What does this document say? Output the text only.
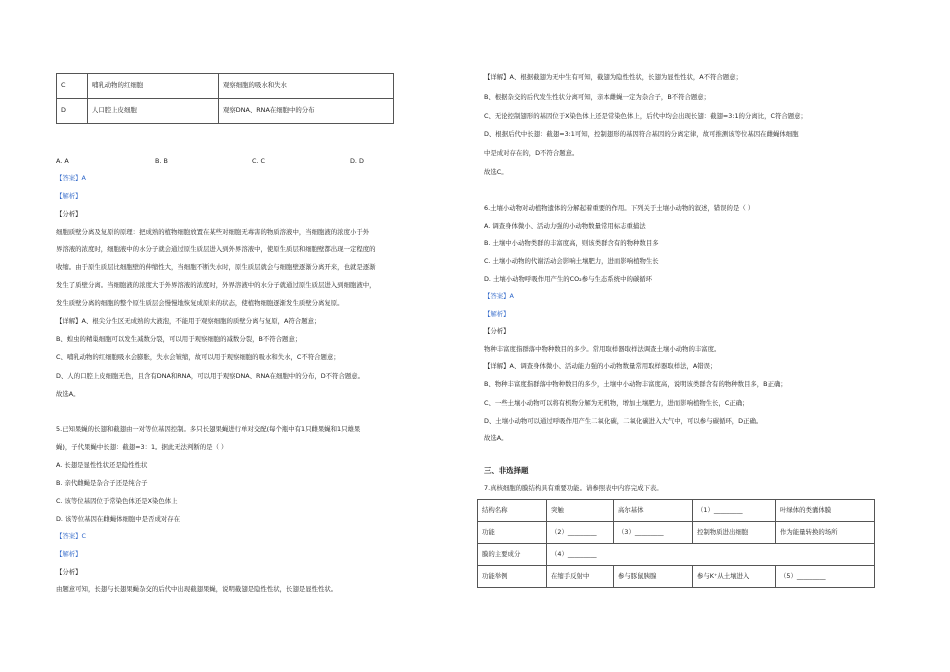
C	哺乳动物的红细胞	观察细胞的吸水和失水
D	人口腔上皮细胞	观察DNA、RNA在细胞中的分布
A. A	B. B	C. C	D. D
【答案】A
【解析】
【分析】
细胞质壁分离及复原的原理：把成熟的植物细胞放置在某些对细胞无毒害的物质溶液中，当细胞液的浓度小于外
界溶液的浓度时，细胞液中的水分子就会通过原生质层进入到外界溶液中，使原生质层和细胞壁都出现一定程度的
收缩。由于原生质层比细胞壁的伸缩性大，当细胞不断失水时，原生质层就会与细胞壁逐渐分离开来，也就是逐渐
发生了质壁分离。当细胞液的浓度大于外界溶液的浓度时，外界溶液中的水分子就通过原生质层进入到细胞液中，
发生质壁分离的细胞的整个原生质层会慢慢地恢复成原来的状态，使植物细胞逐渐发生质壁分离复原。
【详解】A、根尖分生区无成熟的大液泡，不能用于观察细胞的质壁分离与复原，A符合题意；
B、蝗虫的精巢细胞可以发生减数分裂，可以用于观察细胞的减数分裂，B不符合题意；
C、哺乳动物的红细胞吸水会膨胀，失水会皱缩，故可以用于观察细胞的吸水和失水，C不符合题意；
D、人的口腔上皮细胞无色，且含有DNA和RNA，可以用于观察DNA、RNA在细胞中的分布，D不符合题意。
故选A。
5.已知果蝇的长翅和截翅由一对等位基因控制。多只长翅果蝇进行单对交配(每个瓶中有1只雌果蝇和1只雄果
蝇)，子代果蝇中长翅：截翅=3：1。据此无法判断的是（ ）
A. 长翅是显性性状还是隐性性状
B. 亲代雌蝇是杂合子还是纯合子
C. 该等位基因位于常染色体还是X染色体上
D. 该等位基因在雌蝇体细胞中是否成对存在
【答案】C
【解析】
【分析】
由题意可知，长翅与长翅果蝇杂交的后代中出现截翅果蝇，说明截翅是隐性性状，长翅是显性性状。
【详解】A、根据截翅为无中生有可知，截翅为隐性性状，长翅为显性性状，A不符合题意；
B、根据杂交的后代发生性状分离可知，亲本雌蝇一定为杂合子，B不符合题意；
C、无论控制翅形的基因位于X染色体上还是常染色体上，后代中均会出现长翅：截翅=3:1的分离比，C符合题意；
D、根据后代中长翅：截翅=3:1可知，控制翅形的基因符合基因的分离定律，故可推测该等位基因在雌蝇体细胞
中是成对存在的，D不符合题意。
故选C。
6.土壤小动物对动植物遗体的分解起着重要的作用。下列关于土壤小动物的叙述，错误的是（ ）
A. 调查身体微小、活动力强的小动物数量常用标志重捕法
B. 土壤中小动物类群的丰富度高，则该类群含有的物种数目多
C. 土壤小动物的代谢活动会影响土壤肥力，进而影响植物生长
D. 土壤小动物呼吸作用产生的CO₂参与生态系统中的碳循环
【答案】A
【解析】
【分析】
物种丰富度指群落中物种数目的多少。常用取样器取样法调查土壤小动物的丰富度。
【详解】A、调查身体微小、活动能力强的小动物数量常用取样器取样法，A错误；
B、物种丰富度指群落中物种数目的多少，土壤中小动物丰富度高，说明该类群含有的物种数目多，B正确；
C、一些土壤小动物可以将有机物分解为无机物，增加土壤肥力，进而影响植物生长，C正确；
D、土壤小动物可以通过呼吸作用产生二氧化碳，二氧化碳进入大气中，可以参与碳循环，D正确。
故选A。
三、非选择题
7.真核细胞的膜结构具有重要功能。请参照表中内容完成下表。
结构名称	突触	高尔基体	（1）_________	叶绿体的类囊体膜
功能	（2）_________	（3）_________	控制物质进出细胞	作为能量转换的场所
膜的主要成分	（4）_________			
功能举例	在缩手反射中	参与豚鼠胰腺	参与K⁺从土壤进入	（5）_________
